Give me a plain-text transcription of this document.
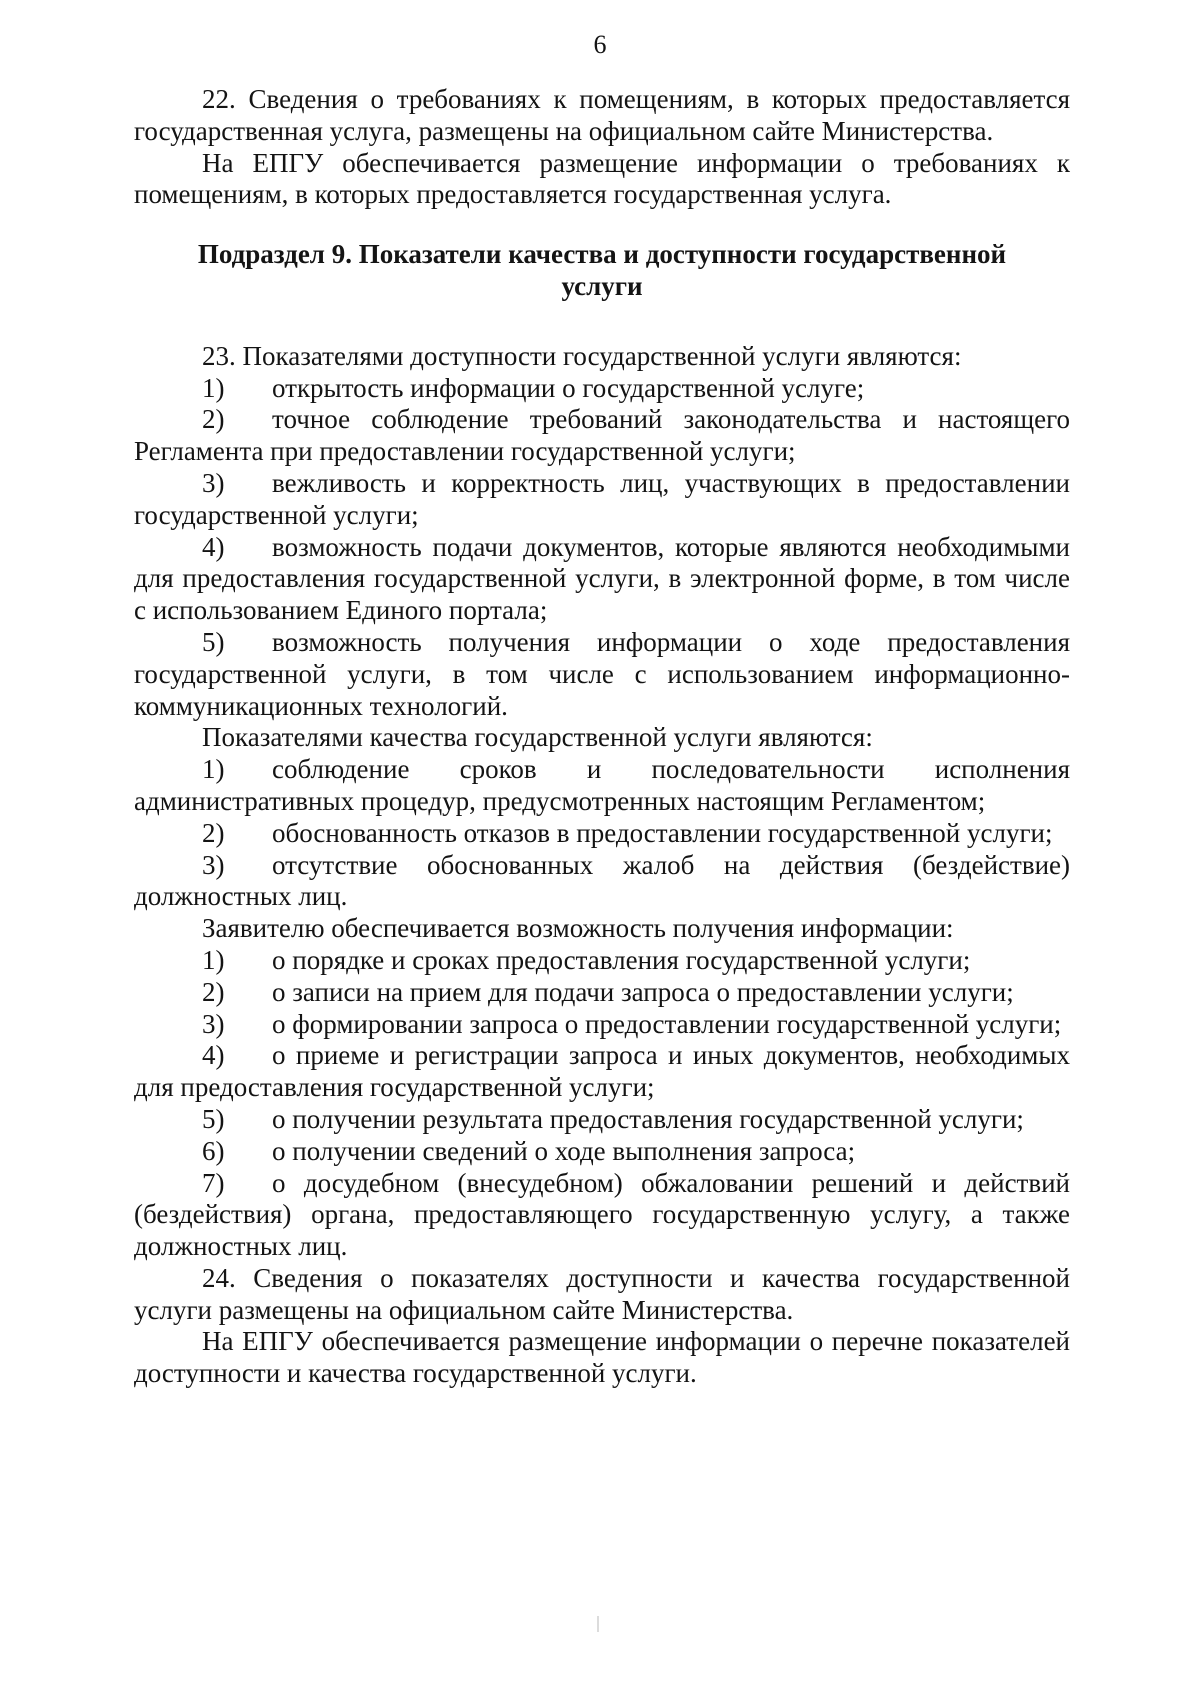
6

22. Сведения о требованиях к помещениям, в которых предоставляется государственная услуга, размещены на официальном сайте Министерства.

На ЕПГУ обеспечивается размещение информации о требованиях к помещениям, в которых предоставляется государственная услуга.

Подраздел 9. Показатели качества и доступности государственной услуги

23. Показателями доступности государственной услуги являются:

1) открытость информации о государственной услуге;

2) точное соблюдение требований законодательства и настоящего Регламента при предоставлении государственной услуги;

3) вежливость и корректность лиц, участвующих в предоставлении государственной услуги;

4) возможность подачи документов, которые являются необходимыми для предоставления государственной услуги, в электронной форме, в том числе с использованием Единого портала;

5) возможность получения информации о ходе предоставления государственной услуги, в том числе с использованием информационно-коммуникационных технологий.

Показателями качества государственной услуги являются:

1) соблюдение сроков и последовательности исполнения административных процедур, предусмотренных настоящим Регламентом;

2) обоснованность отказов в предоставлении государственной услуги;

3) отсутствие обоснованных жалоб на действия (бездействие) должностных лиц.

Заявителю обеспечивается возможность получения информации:

1) о порядке и сроках предоставления государственной услуги;

2) о записи на прием для подачи запроса о предоставлении услуги;

3) о формировании запроса о предоставлении государственной услуги;

4) о приеме и регистрации запроса и иных документов, необходимых для предоставления государственной услуги;

5) о получении результата предоставления государственной услуги;

6) о получении сведений о ходе выполнения запроса;

7) о досудебном (внесудебном) обжаловании решений и действий (бездействия) органа, предоставляющего государственную услугу, а также должностных лиц.

24. Сведения о показателях доступности и качества государственной услуги размещены на официальном сайте Министерства.

На ЕПГУ обеспечивается размещение информации о перечне показателей доступности и качества государственной услуги.
